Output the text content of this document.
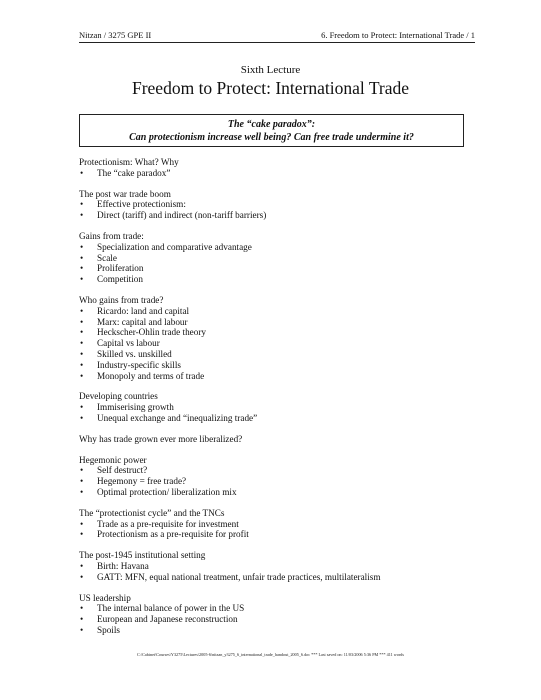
Nitzan / 3275 GPE II	6. Freedom to Protect: International Trade / 1
Sixth Lecture
Freedom to Protect: International Trade
The “cake paradox”:
Can protectionism increase well being? Can free trade undermine it?

Protectionism: What? Why

• The “cake paradox”

The post war trade boom

• Effective protectionism:
• Direct (tariff) and indirect (non-tariff barriers)

Gains from trade:

• Specialization and comparative advantage
• Scale
• Proliferation
• Competition

Who gains from trade?

• Ricardo: land and capital
• Marx: capital and labour
• Heckscher-Ohlin trade theory
• Capital vs labour
• Skilled vs. unskilled
• Industry-specific skills
• Monopoly and terms of trade

Developing countries

• Immiserising growth
• Unequal exchange and “inequalizing trade”

Why has trade grown ever more liberalized?

Hegemonic power

• Self destruct?
• Hegemony = free trade?
• Optimal protection/ liberalization mix

The “protectionist cycle” and the TNCs

• Trade as a pre-requisite for investment
• Protectionism as a pre-requisite for profit

The post-1945 institutional setting

• Birth: Havana
• GATT: MFN, equal national treatment, unfair trade practices, multilateralism

US leadership

• The internal balance of power in the US
• European and Japanese reconstruction
• Spoils
C:\Cabinet\Courses\Y3275\Lectures\2005-6\nitzan_y3275_6_international_trade_handout_2005_6.doc *** Last saved on: 11/03/2006 5:36 PM *** 411 words
